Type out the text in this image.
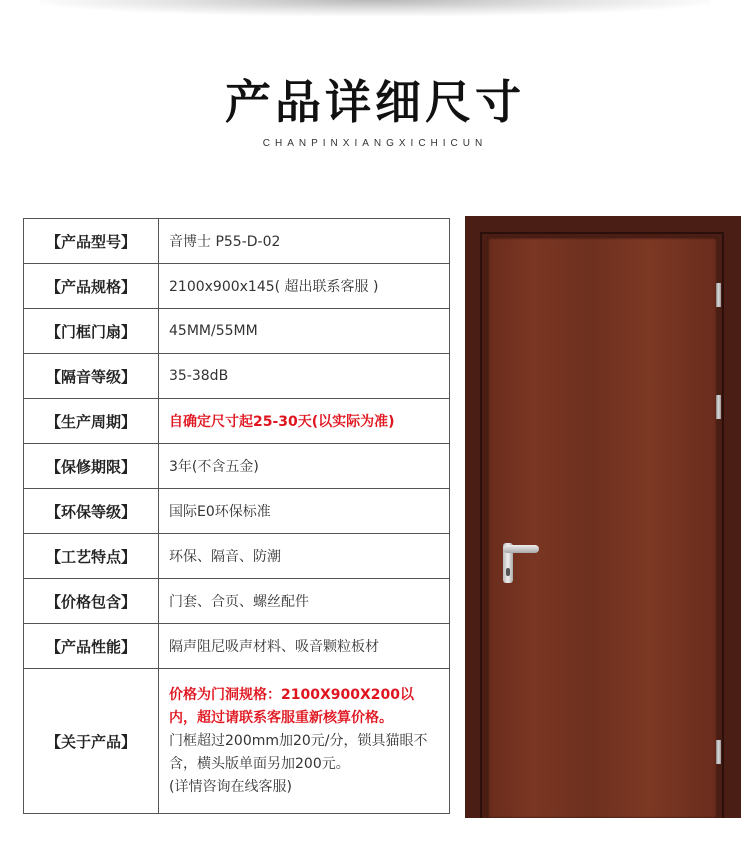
产品详细尺寸
CHANPINXIANGXICHICUN
【产品型号】	音博士 P55-D-02
【产品规格】	2100x900x145( 超出联系客服 )
【门框门扇】	45MM/55MM
【隔音等级】	35-38dB
【生产周期】	自确定尺寸起25-30天(以实际为准)
【保修期限】	3年(不含五金)
【环保等级】	国际E0环保标准
【工艺特点】	环保、隔音、防潮
【价格包含】	门套、合页、螺丝配件
【产品性能】	隔声阻尼吸声材料、吸音颗粒板材
【关于产品】	价格为门洞规格：2100X900X200以内，超过请联系客服重新核算价格。
门框超过200mm加20元/分，锁具猫眼不含，横头版单面另加200元。
(详情咨询在线客服)
